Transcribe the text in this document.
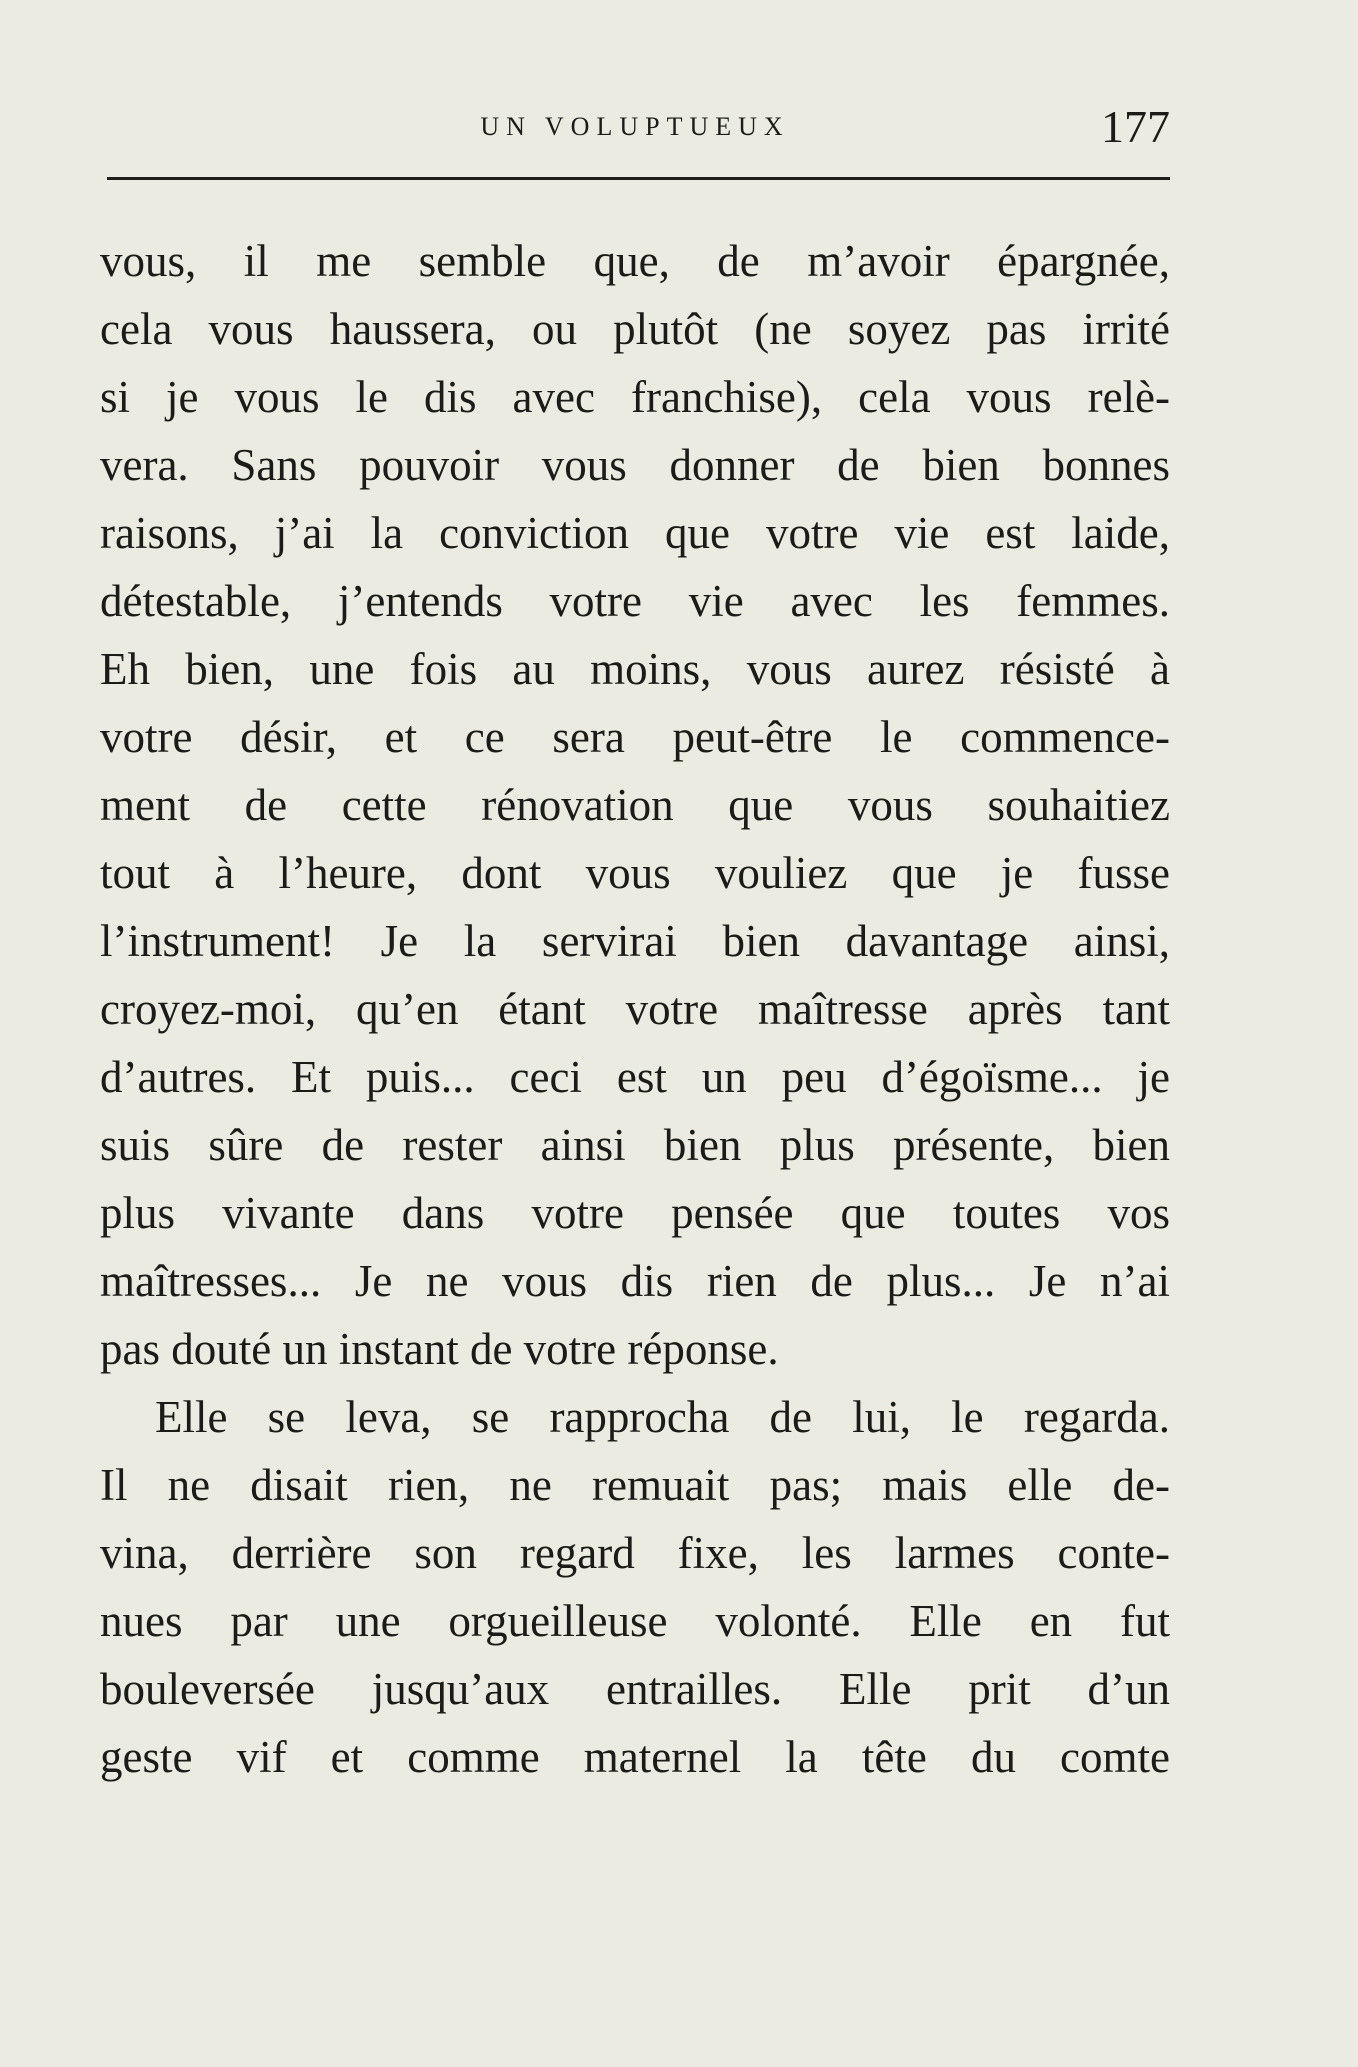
UN VOLUPTUEUX	177
vous, il me semble que, de m’avoir épargnée,
cela vous haussera, ou plutôt (ne soyez pas irrité
si je vous le dis avec franchise), cela vous relè-
vera. Sans pouvoir vous donner de bien bonnes
raisons, j’ai la conviction que votre vie est laide,
détestable, j’entends votre vie avec les femmes.
Eh bien, une fois au moins, vous aurez résisté à
votre désir, et ce sera peut-être le commence-
ment de cette rénovation que vous souhaitiez
tout à l’heure, dont vous vouliez que je fusse
l’instrument! Je la servirai bien davantage ainsi,
croyez-moi, qu’en étant votre maîtresse après tant
d’autres. Et puis... ceci est un peu d’égoïsme... je
suis sûre de rester ainsi bien plus présente, bien
plus vivante dans votre pensée que toutes vos
maîtresses... Je ne vous dis rien de plus... Je n’ai
pas douté un instant de votre réponse.
Elle se leva, se rapprocha de lui, le regarda.
Il ne disait rien, ne remuait pas; mais elle de-
vina, derrière son regard fixe, les larmes conte-
nues par une orgueilleuse volonté. Elle en fut
bouleversée jusqu’aux entrailles. Elle prit d’un
geste vif et comme maternel la tête du comte
